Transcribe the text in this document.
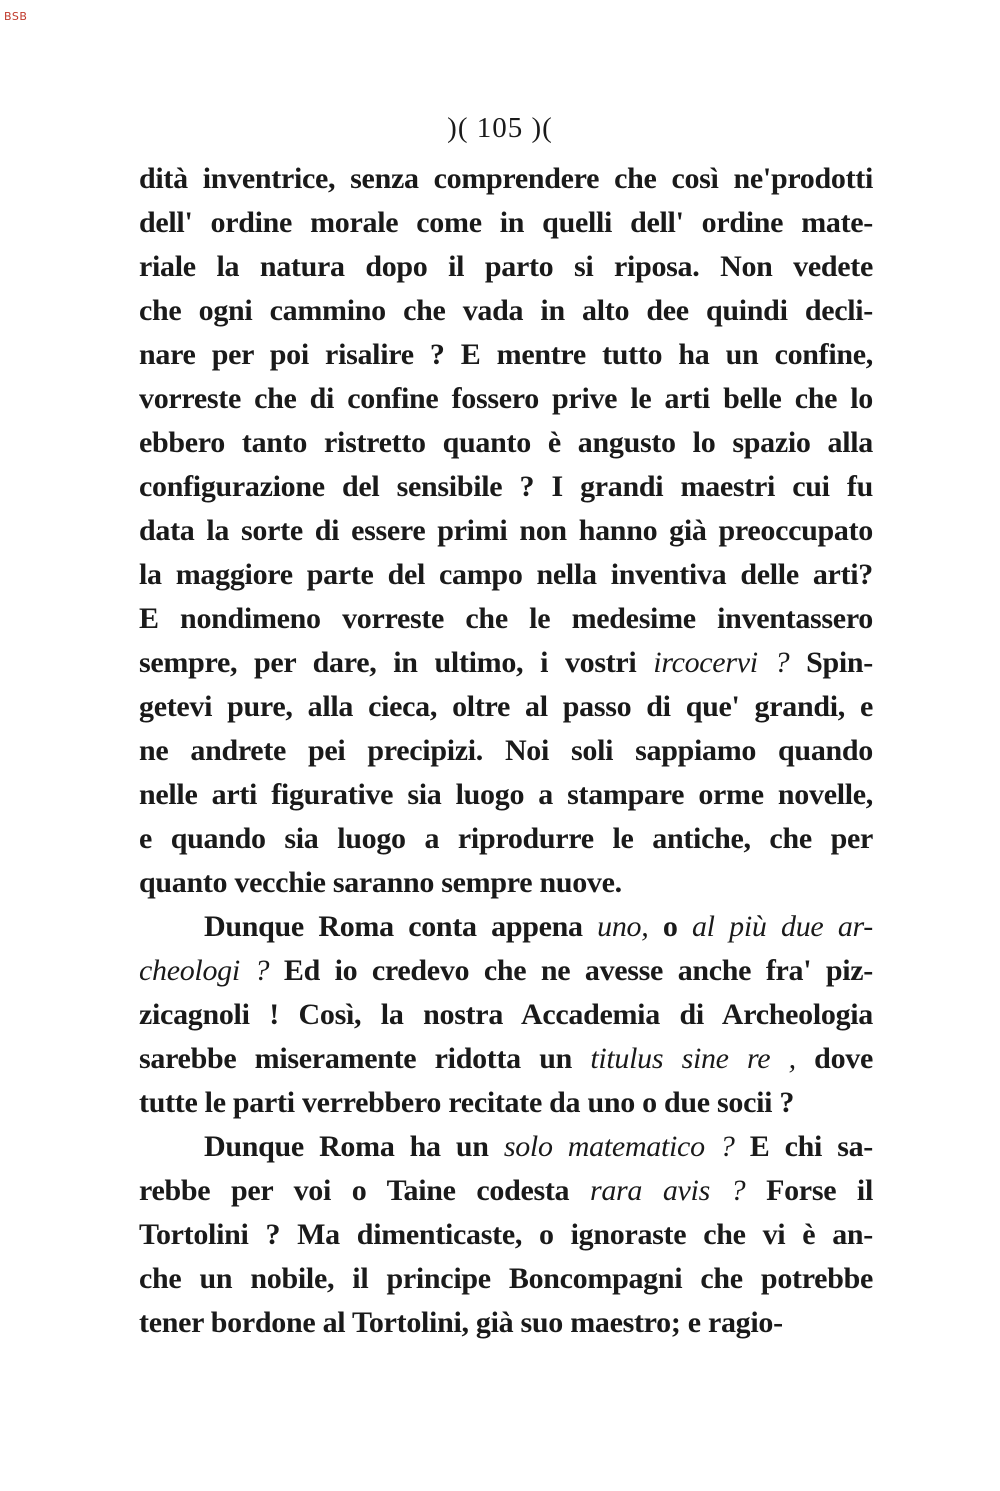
BSB
)( 105 )(
dità inventrice, senza comprendere che così ne'prodotti
dell' ordine morale come in quelli dell' ordine mate-
riale la natura dopo il parto si riposa. Non vedete
che ogni cammino che vada in alto dee quindi decli-
nare per poi risalire ? E mentre tutto ha un confine,
vorreste che di confine fossero prive le arti belle che lo
ebbero tanto ristretto quanto è angusto lo spazio alla
configurazione del sensibile ? I grandi maestri cui fu
data la sorte di essere primi non hanno già preoccupato
la maggiore parte del campo nella inventiva delle arti?
E nondimeno vorreste che le medesime inventassero
sempre, per dare, in ultimo, i vostri ircocervi ? Spin-
getevi pure, alla cieca, oltre al passo di que' grandi, e
ne andrete pei precipizi. Noi soli sappiamo quando
nelle arti figurative sia luogo a stampare orme novelle,
e quando sia luogo a riprodurre le antiche, che per
quanto vecchie saranno sempre nuove.
Dunque Roma conta appena uno, o al più due ar-
cheologi ? Ed io credevo che ne avesse anche fra' piz-
zicagnoli ! Così, la nostra Accademia di Archeologia
sarebbe miseramente ridotta un titulus sine re , dove
tutte le parti verrebbero recitate da uno o due socii ?
Dunque Roma ha un solo matematico ? E chi sa-
rebbe per voi o Taine codesta rara avis ? Forse il
Tortolini ? Ma dimenticaste, o ignoraste che vi è an-
che un nobile, il principe Boncompagni che potrebbe
tener bordone al Tortolini, già suo maestro; e ragio-
